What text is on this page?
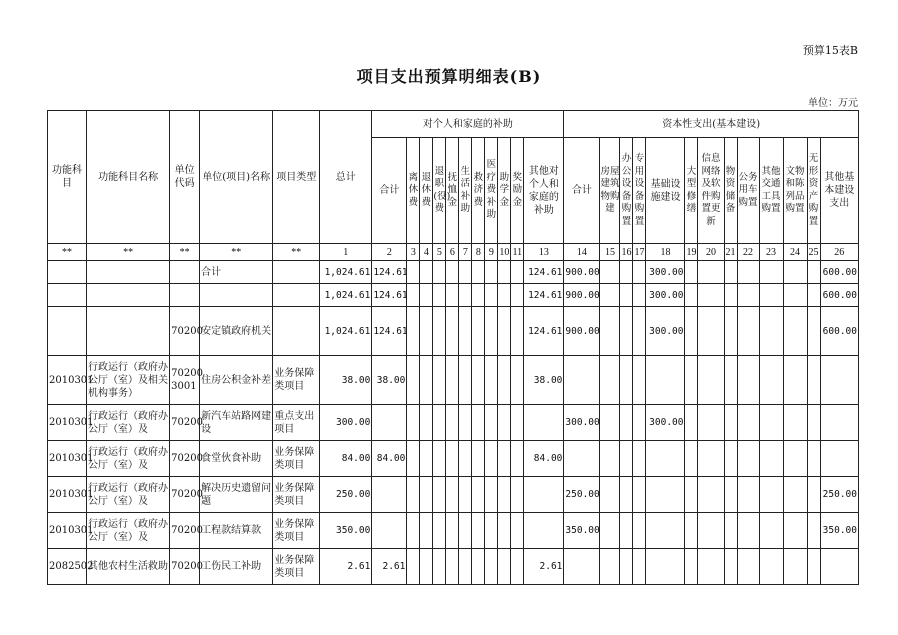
预算15表B
项目支出预算明细表(B)
单位：万元
功能科目	功能科目名称	单位代码	单位(项目)名称	项目类型	总计	对个人和家庭的补助											资本性支出(基本建设)												
						合计	离休费	退休费	退职(役)费	抚恤金	生活补助	救济费	医疗费补助	助学金	奖励金	其他对个人和家庭的补助	合计	房屋建筑物购建	办公设备购置	专用设备购置	基础设施建设	大型修缮	信息网络及软件购置更新	物资储备	公务用车购置	其他交通工具购置	文物和陈列品购置	无形资产购置	其他基本建设支出
**	**	**	**	**	1	2	3	4	5	6	7	8	9	10	11	13	14	15	16	17	18	19	20	21	22	23	24	25	26
			合计		1,024.61	124.61										124.61	900.00				300.00								600.00
					1,024.61	124.61										124.61	900.00				300.00								600.00
		70200	安定镇政府机关		1,024.61	124.61										124.61	900.00				300.00								600.00
2010301	行政运行（政府办公厅（室）及相关机构事务）	70200 3001	住房公积金补差	业务保障类项目	38.00	38.00										38.00													
2010301	行政运行（政府办公厅（室）及	70200	新汽车站路网建设	重点支出项目	300.00												300.00				300.00								
2010301	行政运行（政府办公厅（室）及	70200	食堂伙食补助	业务保障类项目	84.00	84.00										84.00													
2010301	行政运行（政府办公厅（室）及	70200	解决历史遗留问题	业务保障类项目	250.00												250.00												250.00
2010301	行政运行（政府办公厅（室）及	70200	工程款结算款	业务保障类项目	350.00												350.00												350.00
2082502	其他农村生活救助	70200	工伤民工补助	业务保障类项目	2.61	2.61										2.61													
